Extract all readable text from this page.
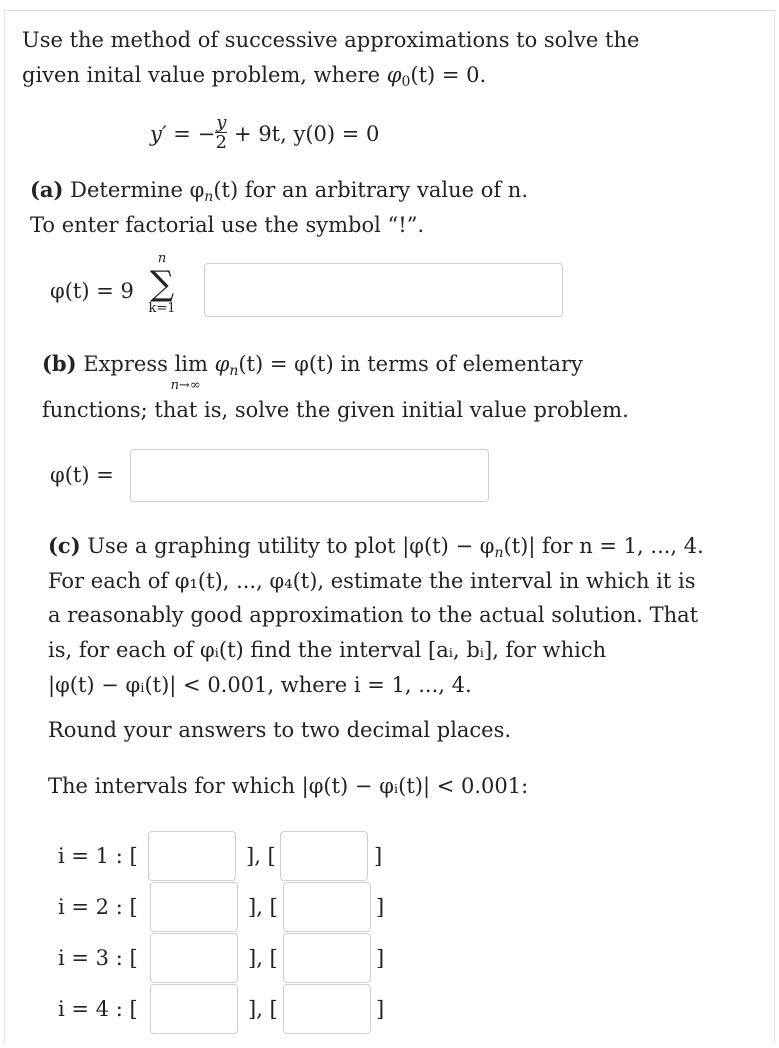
Use the method of successive approximations to solve the
given inital value problem, where $\varphi_0(t) = 0$.
y′ = − $\frac{y}{2} + 9t$, y(0) = 0
(a) Determine $\varphi_n(t)$ for an arbitrary value of n.
To enter factorial use the symbol “!”.
φ(t) = 9
n
∑
k=1
(b) Express lim
n→∞
$\varphi_n(t) = \varphi(t)$ in terms of elementary
functions; that is, solve the given initial value problem.
φ(t) =
(c) Use a graphing utility to plot $|\varphi(t) - \varphi_n(t)|$ for n = 1, ..., 4.
For each of φ₁(t), ..., φ₄(t), estimate the interval in which it is
a reasonably good approximation to the actual solution. That
is, for each of φᵢ(t) find the interval [aᵢ, bᵢ], for which
|φ(t) − φᵢ(t)| < 0.001, where i = 1, ..., 4.
Round your answers to two decimal places.
The intervals for which |φ(t) − φᵢ(t)| < 0.001:
i = 1 : [	], [	]
i = 2 : [	], [	]
i = 3 : [	], [	]
i = 4 : [	], [	]
